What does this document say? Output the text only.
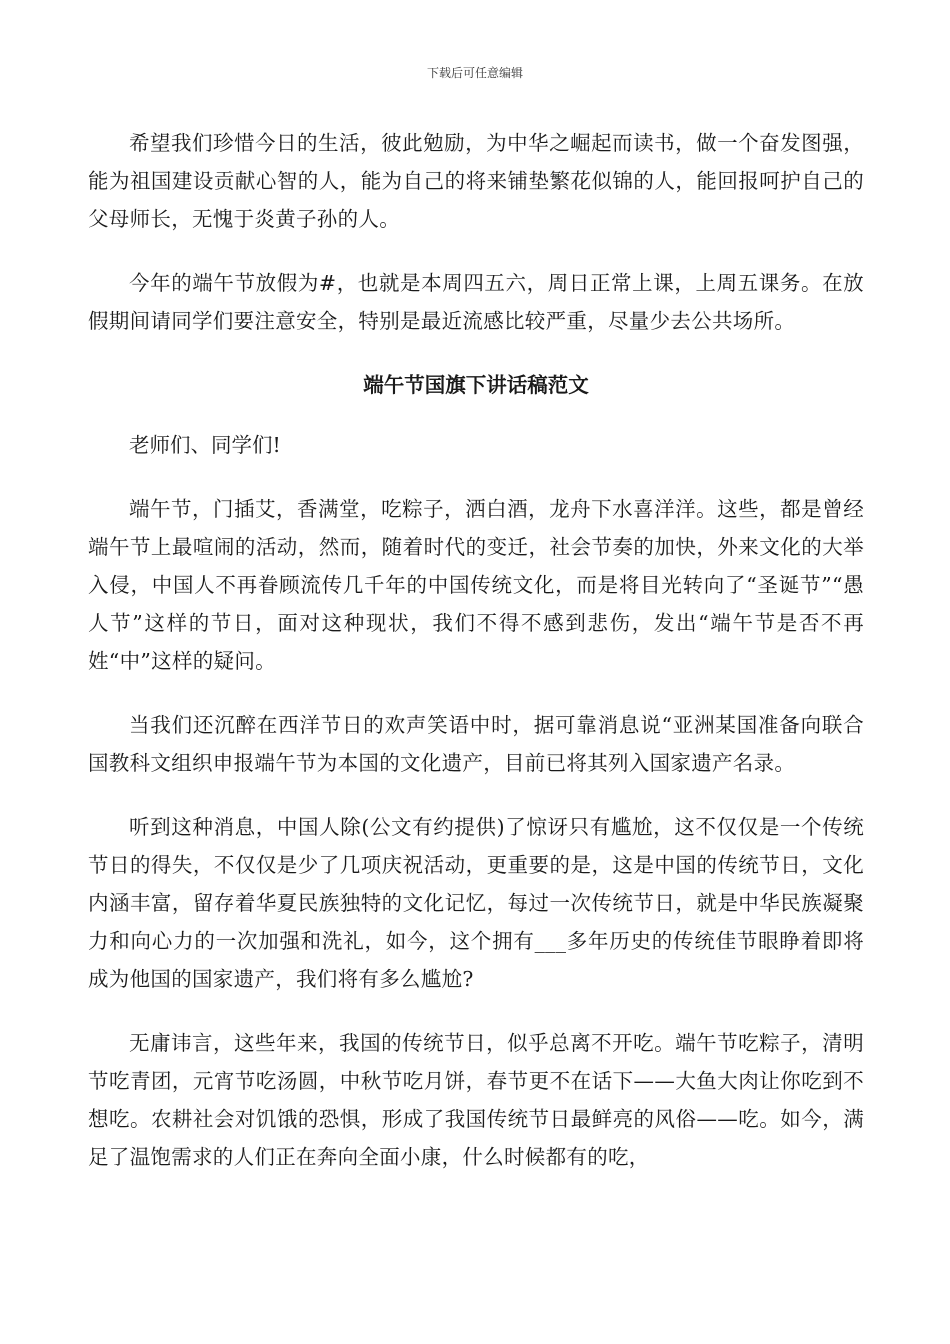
下载后可任意编辑

希望我们珍惜今日的生活，彼此勉励，为中华之崛起而读书，做一个奋发图强，能为祖国建设贡献心智的人，能为自己的将来铺垫繁花似锦的人，能回报呵护自己的父母师长，无愧于炎黄子孙的人。

今年的端午节放假为#，也就是本周四五六，周日正常上课，上周五课务。在放假期间请同学们要注意安全，特别是最近流感比较严重，尽量少去公共场所。

端午节国旗下讲话稿范文

老师们、同学们!

端午节，门插艾，香满堂，吃粽子，洒白酒，龙舟下水喜洋洋。这些，都是曾经端午节上最喧闹的活动，然而，随着时代的变迁，社会节奏的加快，外来文化的大举入侵，中国人不再眷顾流传几千年的中国传统文化，而是将目光转向了“圣诞节”“愚人节”这样的节日，面对这种现状，我们不得不感到悲伤，发出“端午节是否不再姓“中”这样的疑问。

当我们还沉醉在西洋节日的欢声笑语中时，据可靠消息说“亚洲某国准备向联合国教科文组织申报端午节为本国的文化遗产，目前已将其列入国家遗产名录。

听到这种消息，中国人除(公文有约提供)了惊讶只有尴尬，这不仅仅是一个传统节日的得失，不仅仅是少了几项庆祝活动，更重要的是，这是中国的传统节日，文化内涵丰富，留存着华夏民族独特的文化记忆，每过一次传统节日，就是中华民族凝聚力和向心力的一次加强和洗礼，如今，这个拥有___多年历史的传统佳节眼睁着即将成为他国的国家遗产，我们将有多么尴尬?

无庸讳言，这些年来，我国的传统节日，似乎总离不开吃。端午节吃粽子，清明节吃青团，元宵节吃汤圆，中秋节吃月饼，春节更不在话下——大鱼大肉让你吃到不想吃。农耕社会对饥饿的恐惧，形成了我国传统节日最鲜亮的风俗——吃。如今，满足了温饱需求的人们正在奔向全面小康，什么时候都有的吃，
